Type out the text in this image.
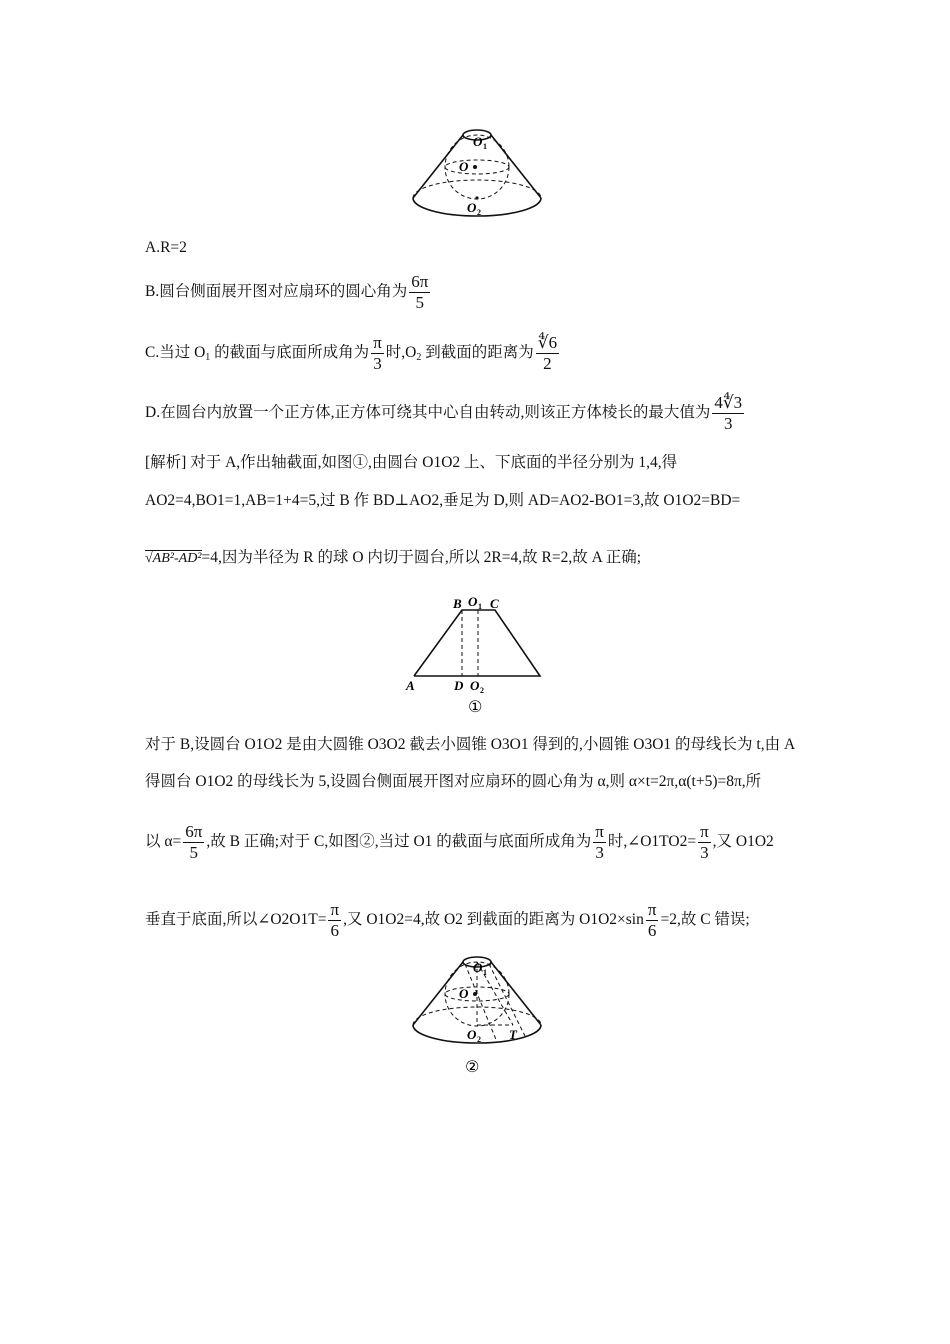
O 1
O
O 2
A.R=2
B.圆台侧面展开图对应扇环的圆心角为 $\frac{6\pi}{5}$
C.当过 $O_1$ 的截面与底面所成角为 $\frac{\pi}{3}$ 时$,O_2$ 到截面的距离为 $\frac{∜6}{2}$
D.在圆台内放置一个正方体,正方体可绕其中心自由转动,则该正方体棱长的最大值为 $\frac{4∜3}{3}$
[解析] 对于 A,作出轴截面,如图①,由圆台 O1O2 上、下底面的半径分别为 1,4,得
AO2=4,BO1=1,AB=1+4=5,过 B 作 BD⊥AO2,垂足为 D,则 AD=AO2-BO1=3,故 O1O2=BD=
√AB²-AD²=4,因为半径为 R 的球 O 内切于圆台,所以 2R=4,故 R=2,故 A 正确;
A
B O 1 C
D O 2
①
对于 B,设圆台 O1O2 是由大圆锥 O3O2 截去小圆锥 O3O1 得到的,小圆锥 O3O1 的母线长为 t,由 A
得圆台 O1O2 的母线长为 5,设圆台侧面展开图对应扇环的圆心角为 α,则 α×t=2π,α(t+5)=8π,所
以 $\alpha= \frac{6\pi}{5}$ ,故 B 正确;对于 C,如图②,当过 O1 的截面与底面所成角为 $\frac{\pi}{3}$ 时,∠O1TO2= $\frac{\pi}{3}$ ,又 O1O2
垂直于底面,所以∠O2O1T= $\frac{\pi}{6}$ ,又 O1O2=4,故 O2 到截面的距离为 $O1O2\times\sin \frac{\pi}{6} =2$,故 C 错误;
O 1
O
O 2 T
②
